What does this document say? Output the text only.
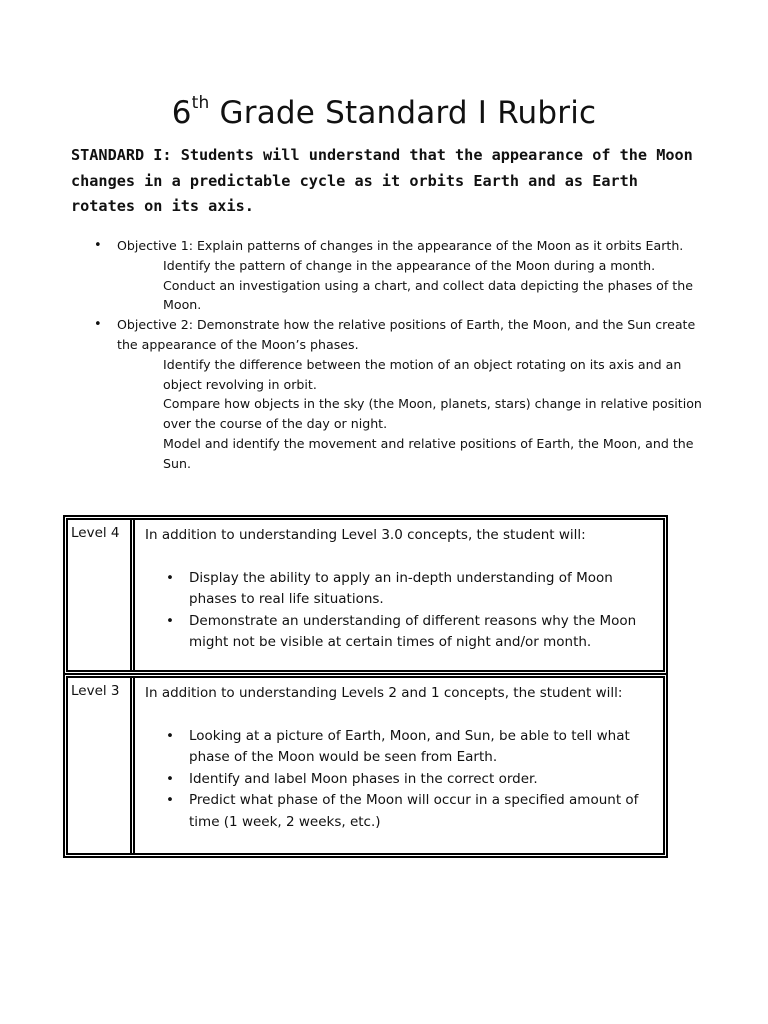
6th Grade Standard I Rubric
STANDARD I: Students will understand that the appearance of the Moon changes in a predictable cycle as it orbits Earth and as Earth rotates on its axis.
• Objective 1: Explain patterns of changes in the appearance of the Moon as it orbits Earth.
Identify the pattern of change in the appearance of the Moon during a month.
Conduct an investigation using a chart, and collect data depicting the phases of the Moon.
• Objective 2: Demonstrate how the relative positions of Earth, the Moon, and the Sun create the appearance of the Moon’s phases.
Identify the difference between the motion of an object rotating on its axis and an object revolving in orbit.
Compare how objects in the sky (the Moon, planets, stars) change in relative position over the course of the day or night.
Model and identify the movement and relative positions of Earth, the Moon, and the Sun.
Level 4	In addition to understanding Level 3.0 concepts, the student will:

• Display the ability to apply an in-depth understanding of Moon phases to real life situations.
• Demonstrate an understanding of different reasons why the Moon might not be visible at certain times of night and/or month.
Level 3	In addition to understanding Levels 2 and 1 concepts, the student will:

• Looking at a picture of Earth, Moon, and Sun, be able to tell what phase of the Moon would be seen from Earth.
• Identify and label Moon phases in the correct order.
• Predict what phase of the Moon will occur in a specified amount of time (1 week, 2 weeks, etc.)
